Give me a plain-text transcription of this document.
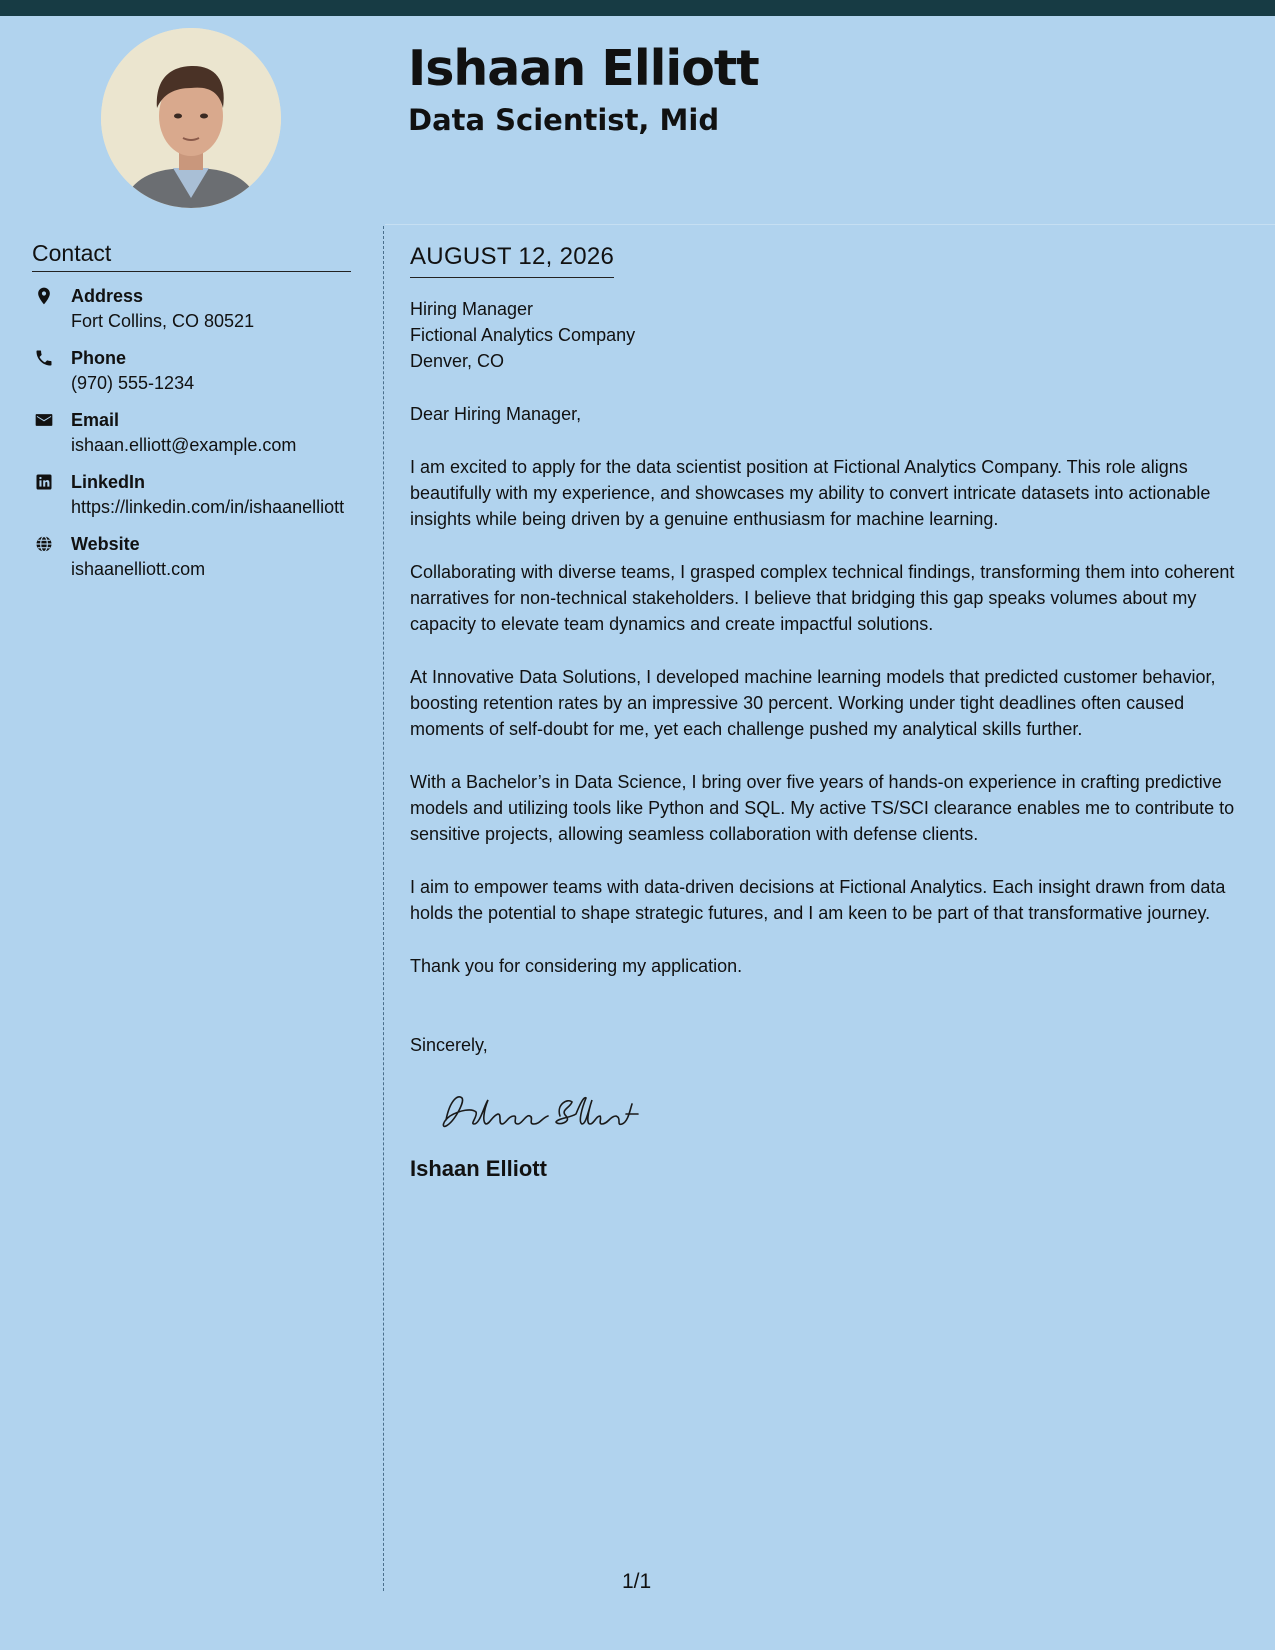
Ishaan Elliott
Data Scientist, Mid
Contact
Address
Fort Collins, CO 80521
Phone
(970) 555-1234
Email
ishaan.elliott@example.com
LinkedIn
https://linkedin.com/in/ishaanelliott
Website
ishaanelliott.com
AUGUST 12, 2026
Hiring Manager
Fictional Analytics Company
Denver, CO
Dear Hiring Manager,

I am excited to apply for the data scientist position at Fictional Analytics Company. This role aligns beautifully with my experience, and showcases my ability to convert intricate datasets into actionable insights while being driven by a genuine enthusiasm for machine learning.

Collaborating with diverse teams, I grasped complex technical findings, transforming them into coherent narratives for non-technical stakeholders. I believe that bridging this gap speaks volumes about my capacity to elevate team dynamics and create impactful solutions.

At Innovative Data Solutions, I developed machine learning models that predicted customer behavior, boosting retention rates by an impressive 30 percent. Working under tight deadlines often caused moments of self-doubt for me, yet each challenge pushed my analytical skills further.

With a Bachelor’s in Data Science, I bring over five years of hands-on experience in crafting predictive models and utilizing tools like Python and SQL. My active TS/SCI clearance enables me to contribute to sensitive projects, allowing seamless collaboration with defense clients.

I aim to empower teams with data-driven decisions at Fictional Analytics. Each insight drawn from data holds the potential to shape strategic futures, and I am keen to be part of that transformative journey.

Thank you for considering my application.

Sincerely,
Ishaan Elliott
1/1
